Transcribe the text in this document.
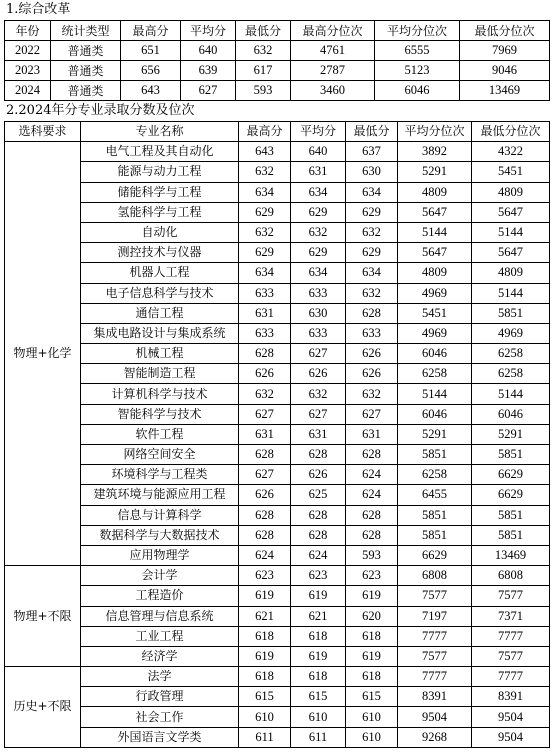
1.综合改革
年份	统计类型	最高分	平均分	最低分	最高分位次	平均分位次	最低分位次
2022	普通类	651	640	632	4761	6555	7969
2023	普通类	656	639	617	2787	5123	9046
2024	普通类	643	627	593	3460	6046	13469
2.2024年分专业录取分数及位次
选科要求	专业名称	最高分	平均分	最低分	平均分位次	最低分位次
物理+化学	电气工程及其自动化	643	640	637	3892	4322
	能源与动力工程	632	631	630	5291	5451
	储能科学与工程	634	634	634	4809	4809
	氢能科学与工程	629	629	629	5647	5647
	自动化	632	632	632	5144	5144
	测控技术与仪器	629	629	629	5647	5647
	机器人工程	634	634	634	4809	4809
	电子信息科学与技术	633	633	632	4969	5144
	通信工程	631	630	628	5451	5851
	集成电路设计与集成系统	633	633	633	4969	4969
	机械工程	628	627	626	6046	6258
	智能制造工程	626	626	626	6258	6258
	计算机科学与技术	632	632	632	5144	5144
	智能科学与技术	627	627	627	6046	6046
	软件工程	631	631	631	5291	5291
	网络空间安全	628	628	628	5851	5851
	环境科学与工程类	627	626	624	6258	6629
	建筑环境与能源应用工程	626	625	624	6455	6629
	信息与计算科学	628	628	628	5851	5851
	数据科学与大数据技术	628	628	628	5851	5851
	应用物理学	624	624	593	6629	13469
物理+不限	会计学	623	623	623	6808	6808
	工程造价	619	619	619	7577	7577
	信息管理与信息系统	621	621	620	7197	7371
	工业工程	618	618	618	7777	7777
	经济学	619	619	619	7577	7577
历史+不限	法学	618	618	618	7777	7777
	行政管理	615	615	615	8391	8391
	社会工作	610	610	610	9504	9504
	外国语言文学类	611	611	610	9268	9504
